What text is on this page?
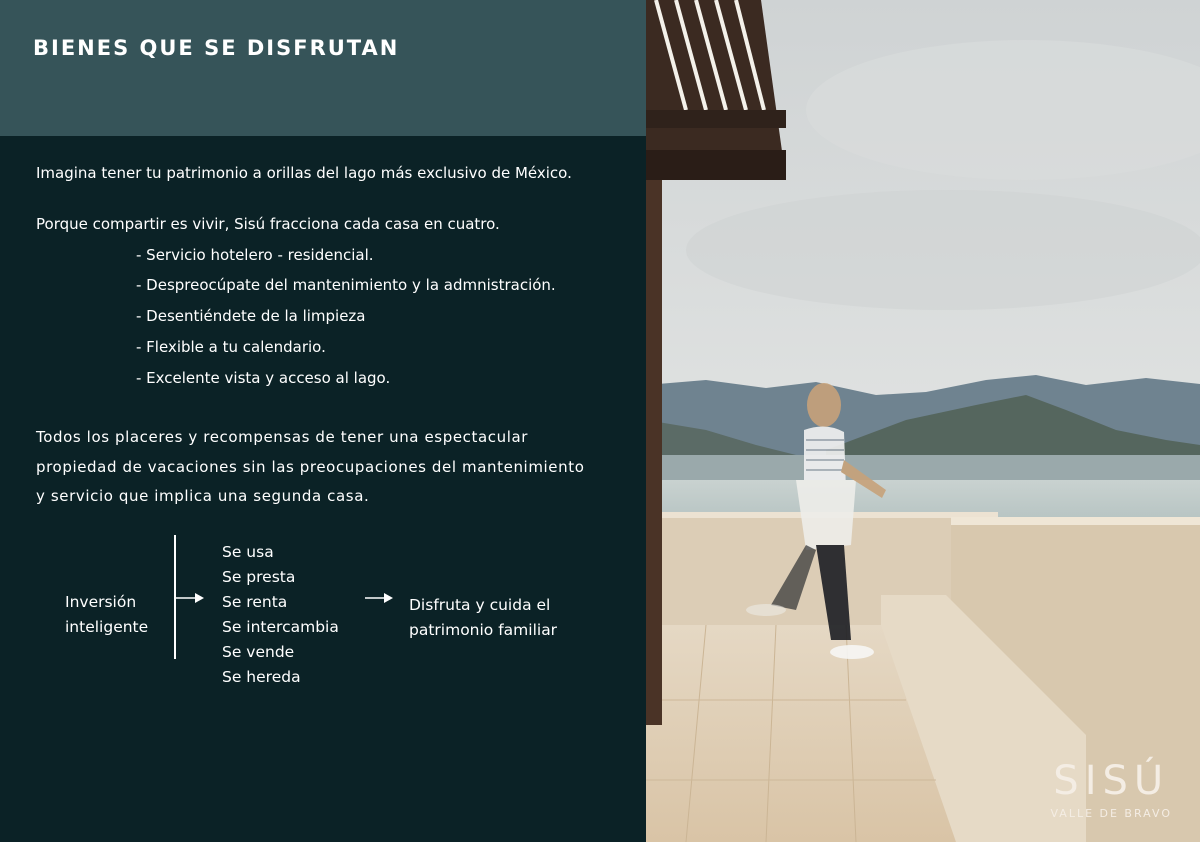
BIENES QUE SE DISFRUTAN
Imagina tener tu patrimonio a orillas del lago más exclusivo de México.
Porque compartir es vivir, Sisú fracciona cada casa en cuatro.
- Servicio hotelero - residencial.
- Despreocúpate del mantenimiento y la admnistración.
- Desentiéndete de la limpieza
- Flexible a tu calendario.
- Excelente vista y acceso al lago.
Todos los placeres y recompensas de tener una espectacular
propiedad de vacaciones sin las preocupaciones del mantenimiento
y servicio que implica una segunda casa.
Inversión
inteligente
Se usa
Se presta
Se renta
Se intercambia
Se vende
Se hereda
Disfruta y cuida el
patrimonio familiar
SISÚ
VALLE DE BRAVO
